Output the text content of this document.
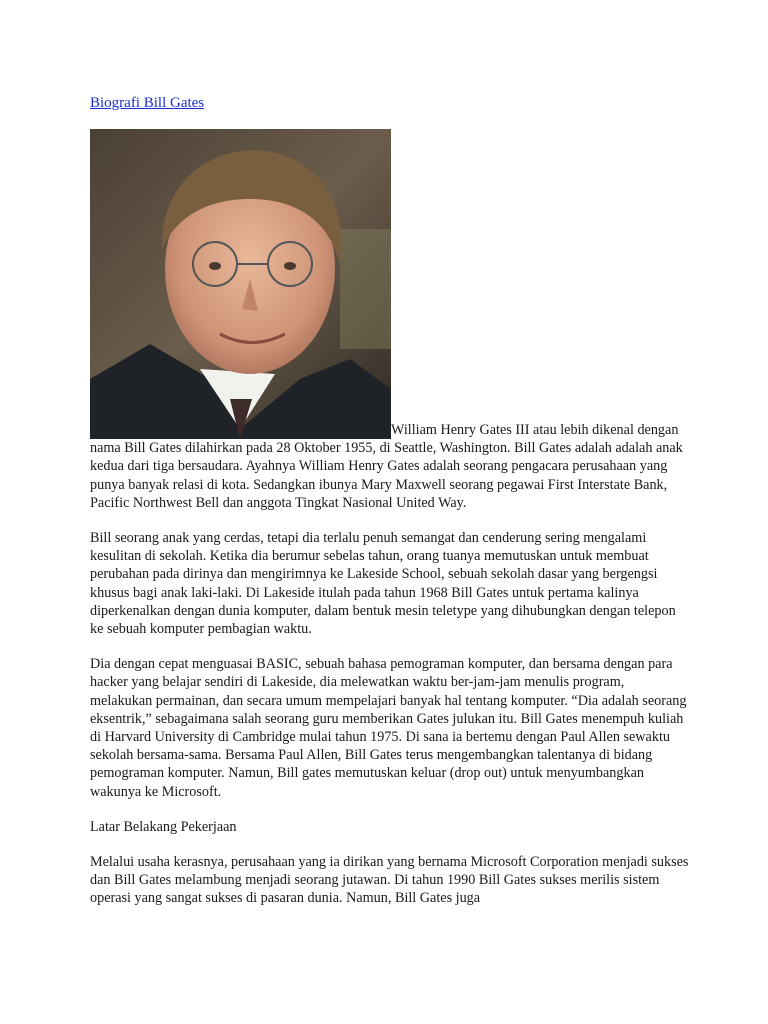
Biografi Bill Gates

William Henry Gates III atau lebih dikenal dengan nama Bill Gates dilahirkan pada 28 Oktober 1955, di Seattle, Washington. Bill Gates adalah adalah anak kedua dari tiga bersaudara. Ayahnya William Henry Gates adalah seorang pengacara perusahaan yang punya banyak relasi di kota. Sedangkan ibunya Mary Maxwell seorang pegawai First Interstate Bank, Pacific Northwest Bell dan anggota Tingkat Nasional United Way.

Bill seorang anak yang cerdas, tetapi dia terlalu penuh semangat dan cenderung sering mengalami kesulitan di sekolah. Ketika dia berumur sebelas tahun, orang tuanya memutuskan untuk membuat perubahan pada dirinya dan mengirimnya ke Lakeside School, sebuah sekolah dasar yang bergengsi khusus bagi anak laki-laki. Di Lakeside itulah pada tahun 1968 Bill Gates untuk pertama kalinya diperkenalkan dengan dunia komputer, dalam bentuk mesin teletype yang dihubungkan dengan telepon ke sebuah komputer pembagian waktu.

Dia dengan cepat menguasai BASIC, sebuah bahasa pemograman komputer, dan bersama dengan para hacker yang belajar sendiri di Lakeside, dia melewatkan waktu ber-jam-jam menulis program, melakukan permainan, dan secara umum mempelajari banyak hal tentang komputer. “Dia adalah seorang eksentrik,” sebagaimana salah seorang guru memberikan Gates julukan itu. Bill Gates menempuh kuliah di Harvard University di Cambridge mulai tahun 1975. Di sana ia bertemu dengan Paul Allen sewaktu sekolah bersama-sama. Bersama Paul Allen, Bill Gates terus mengembangkan talentanya di bidang pemograman komputer. Namun, Bill gates memutuskan keluar (drop out) untuk menyumbangkan wakunya ke Microsoft.

Latar Belakang Pekerjaan

Melalui usaha kerasnya, perusahaan yang ia dirikan yang bernama Microsoft Corporation menjadi sukses dan Bill Gates melambung menjadi seorang jutawan. Di tahun 1990 Bill Gates sukses merilis sistem operasi yang sangat sukses di pasaran dunia. Namun, Bill Gates juga
